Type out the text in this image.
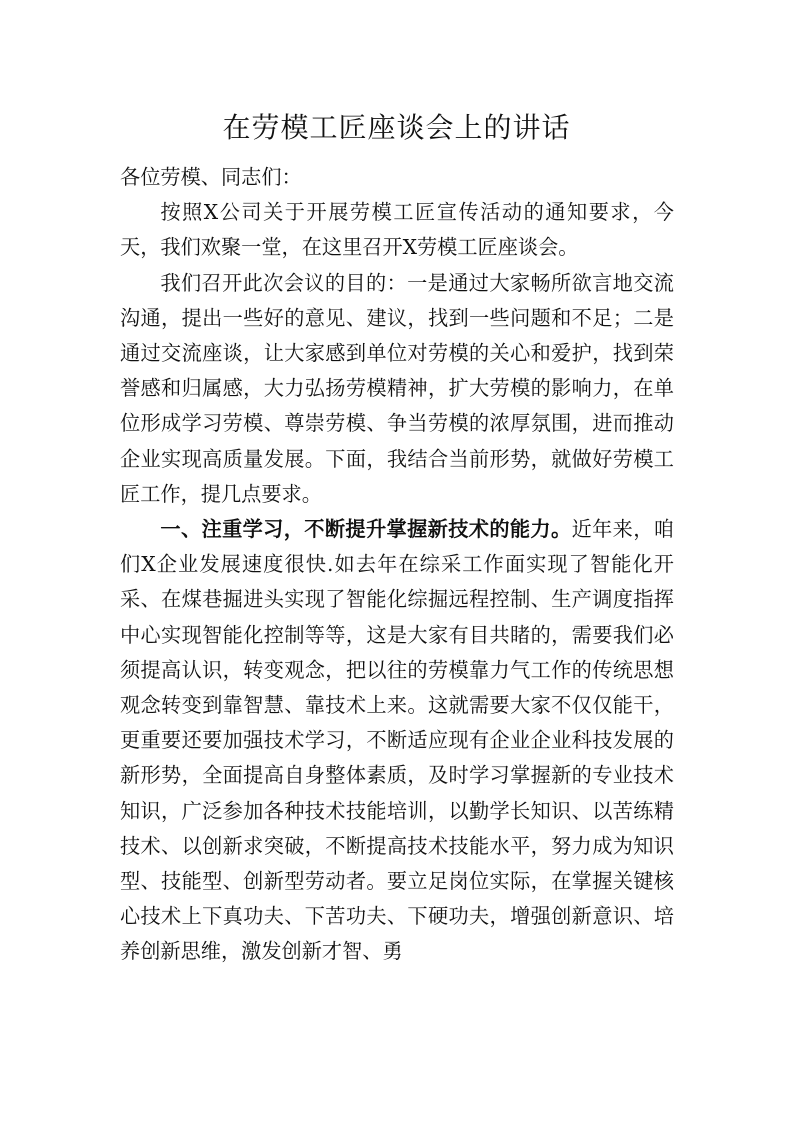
在劳模工匠座谈会上的讲话

各位劳模、同志们：

按照X公司关于开展劳模工匠宣传活动的通知要求，今天，我们欢聚一堂，在这里召开X劳模工匠座谈会。

我们召开此次会议的目的：一是通过大家畅所欲言地交流沟通，提出一些好的意见、建议，找到一些问题和不足；二是通过交流座谈，让大家感到单位对劳模的关心和爱护，找到荣誉感和归属感，大力弘扬劳模精神，扩大劳模的影响力，在单位形成学习劳模、尊崇劳模、争当劳模的浓厚氛围，进而推动企业实现高质量发展。下面，我结合当前形势，就做好劳模工匠工作，提几点要求。

一、注重学习，不断提升掌握新技术的能力。近年来，咱们X企业发展速度很快.如去年在综采工作面实现了智能化开采、在煤巷掘进头实现了智能化综掘远程控制、生产调度指挥中心实现智能化控制等等，这是大家有目共睹的，需要我们必须提高认识，转变观念，把以往的劳模靠力气工作的传统思想观念转变到靠智慧、靠技术上来。这就需要大家不仅仅能干，更重要还要加强技术学习，不断适应现有企业企业科技发展的新形势，全面提高自身整体素质，及时学习掌握新的专业技术知识，广泛参加各种技术技能培训，以勤学长知识、以苦练精技术、以创新求突破，不断提高技术技能水平，努力成为知识型、技能型、创新型劳动者。要立足岗位实际，在掌握关键核心技术上下真功夫、下苦功夫、下硬功夫，增强创新意识、培养创新思维，激发创新才智、勇
